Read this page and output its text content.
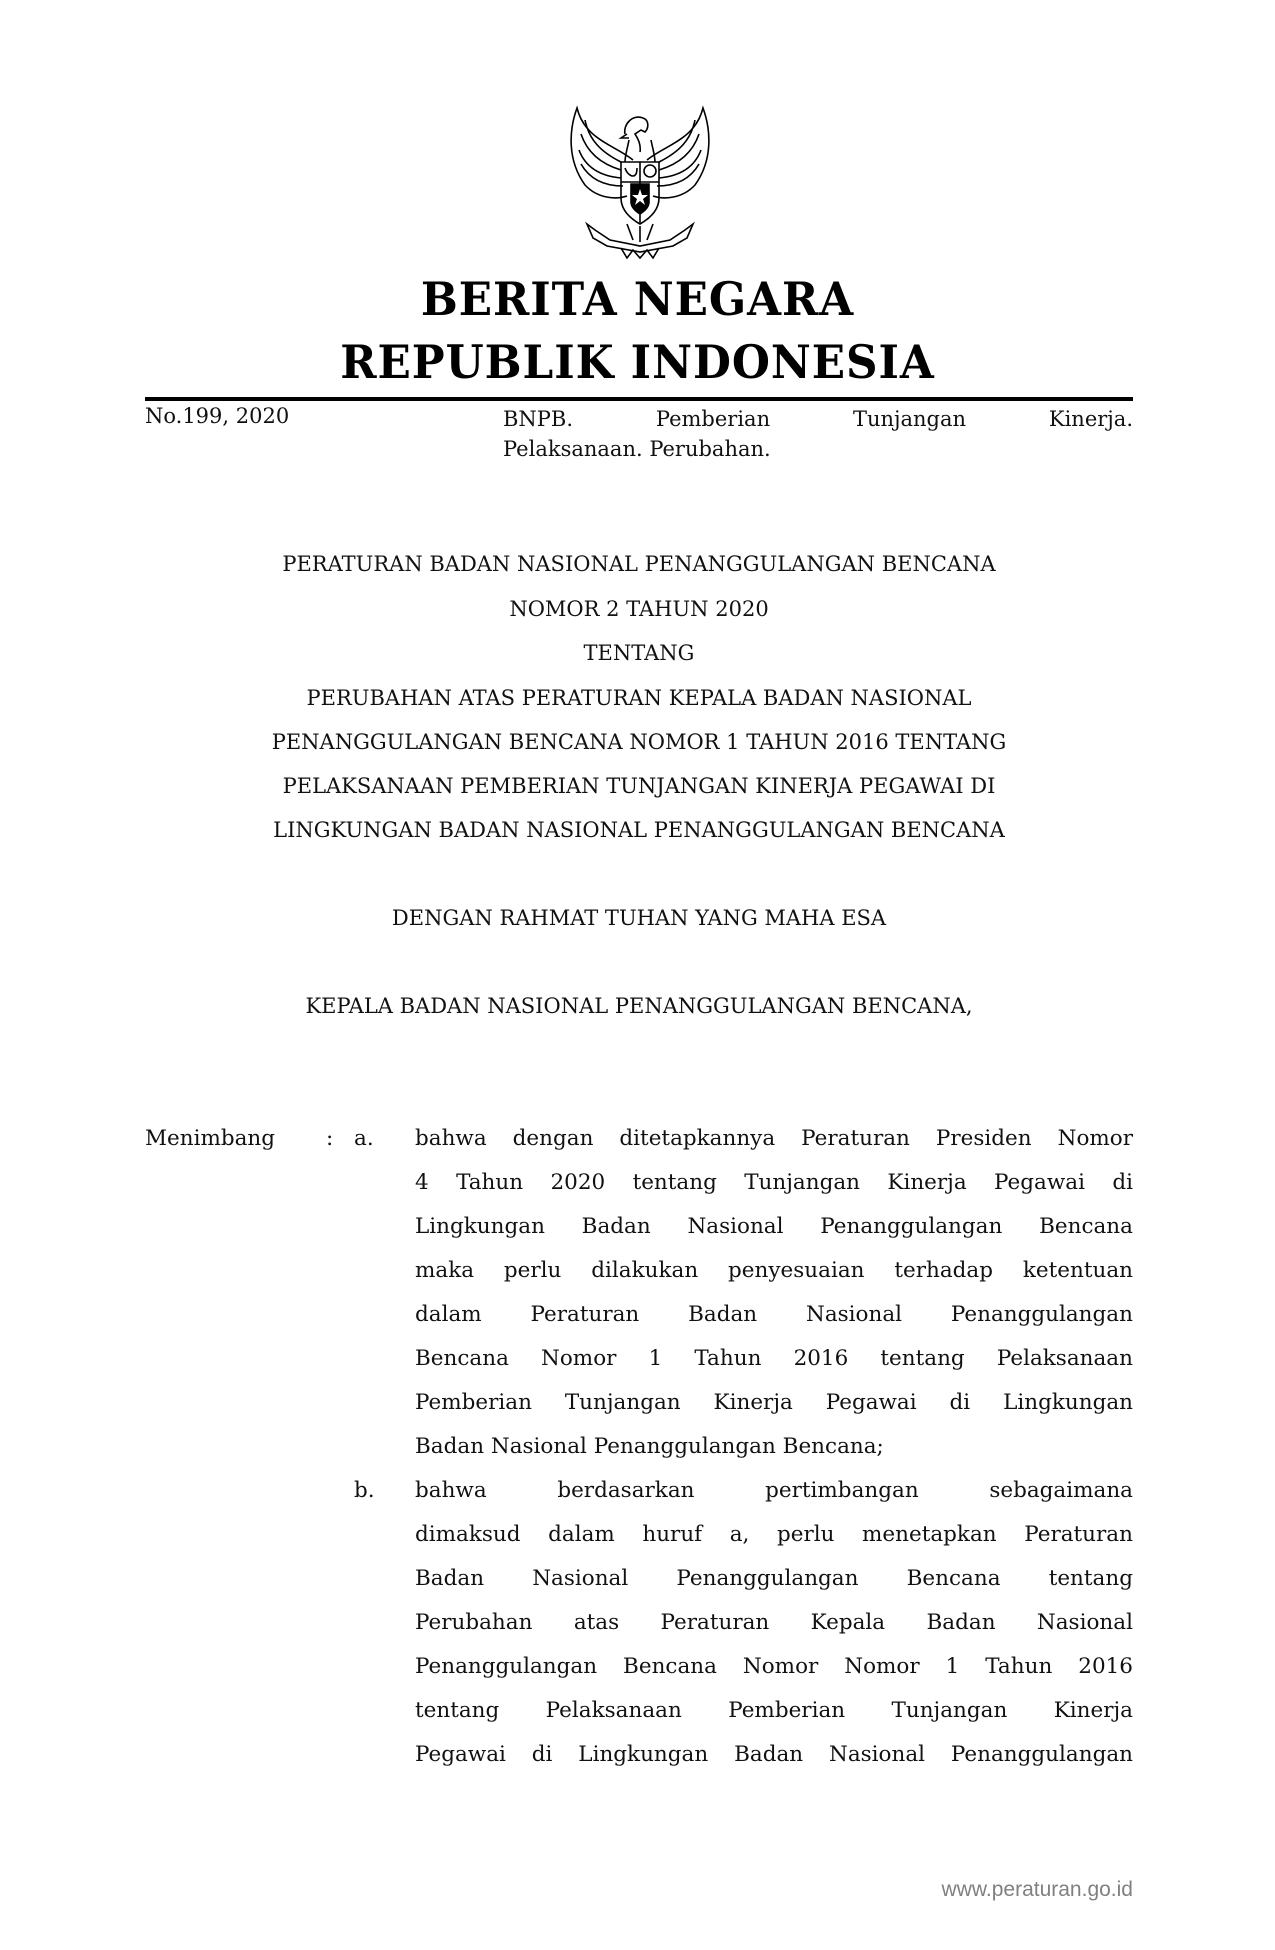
BERITA NEGARA
REPUBLIK INDONESIA
No.199, 2020	BNPB.	Pemberian	Tunjangan	Kinerja.
Pelaksanaan. Perubahan.
PERATURAN BADAN NASIONAL PENANGGULANGAN BENCANA
NOMOR 2 TAHUN 2020
TENTANG
PERUBAHAN ATAS PERATURAN KEPALA BADAN NASIONAL
PENANGGULANGAN BENCANA NOMOR 1 TAHUN 2016 TENTANG
PELAKSANAAN PEMBERIAN TUNJANGAN KINERJA PEGAWAI DI
LINGKUNGAN BADAN NASIONAL PENANGGULANGAN BENCANA
DENGAN RAHMAT TUHAN YANG MAHA ESA
KEPALA BADAN NASIONAL PENANGGULANGAN BENCANA,
Menimbang : a. bahwa dengan ditetapkannya Peraturan Presiden Nomor
4 Tahun 2020 tentang Tunjangan Kinerja Pegawai di
Lingkungan Badan Nasional Penanggulangan Bencana
maka perlu dilakukan penyesuaian terhadap ketentuan
dalam Peraturan Badan Nasional Penanggulangan
Bencana Nomor 1 Tahun 2016 tentang Pelaksanaan
Pemberian Tunjangan Kinerja Pegawai di Lingkungan
Badan Nasional Penanggulangan Bencana;
b. bahwa	berdasarkan	pertimbangan	sebagaimana
dimaksud dalam huruf a, perlu menetapkan Peraturan
Badan Nasional Penanggulangan Bencana tentang
Perubahan atas Peraturan Kepala Badan Nasional
Penanggulangan Bencana Nomor Nomor 1 Tahun 2016
tentang Pelaksanaan Pemberian Tunjangan Kinerja
Pegawai di Lingkungan Badan Nasional Penanggulangan
www.peraturan.go.id
